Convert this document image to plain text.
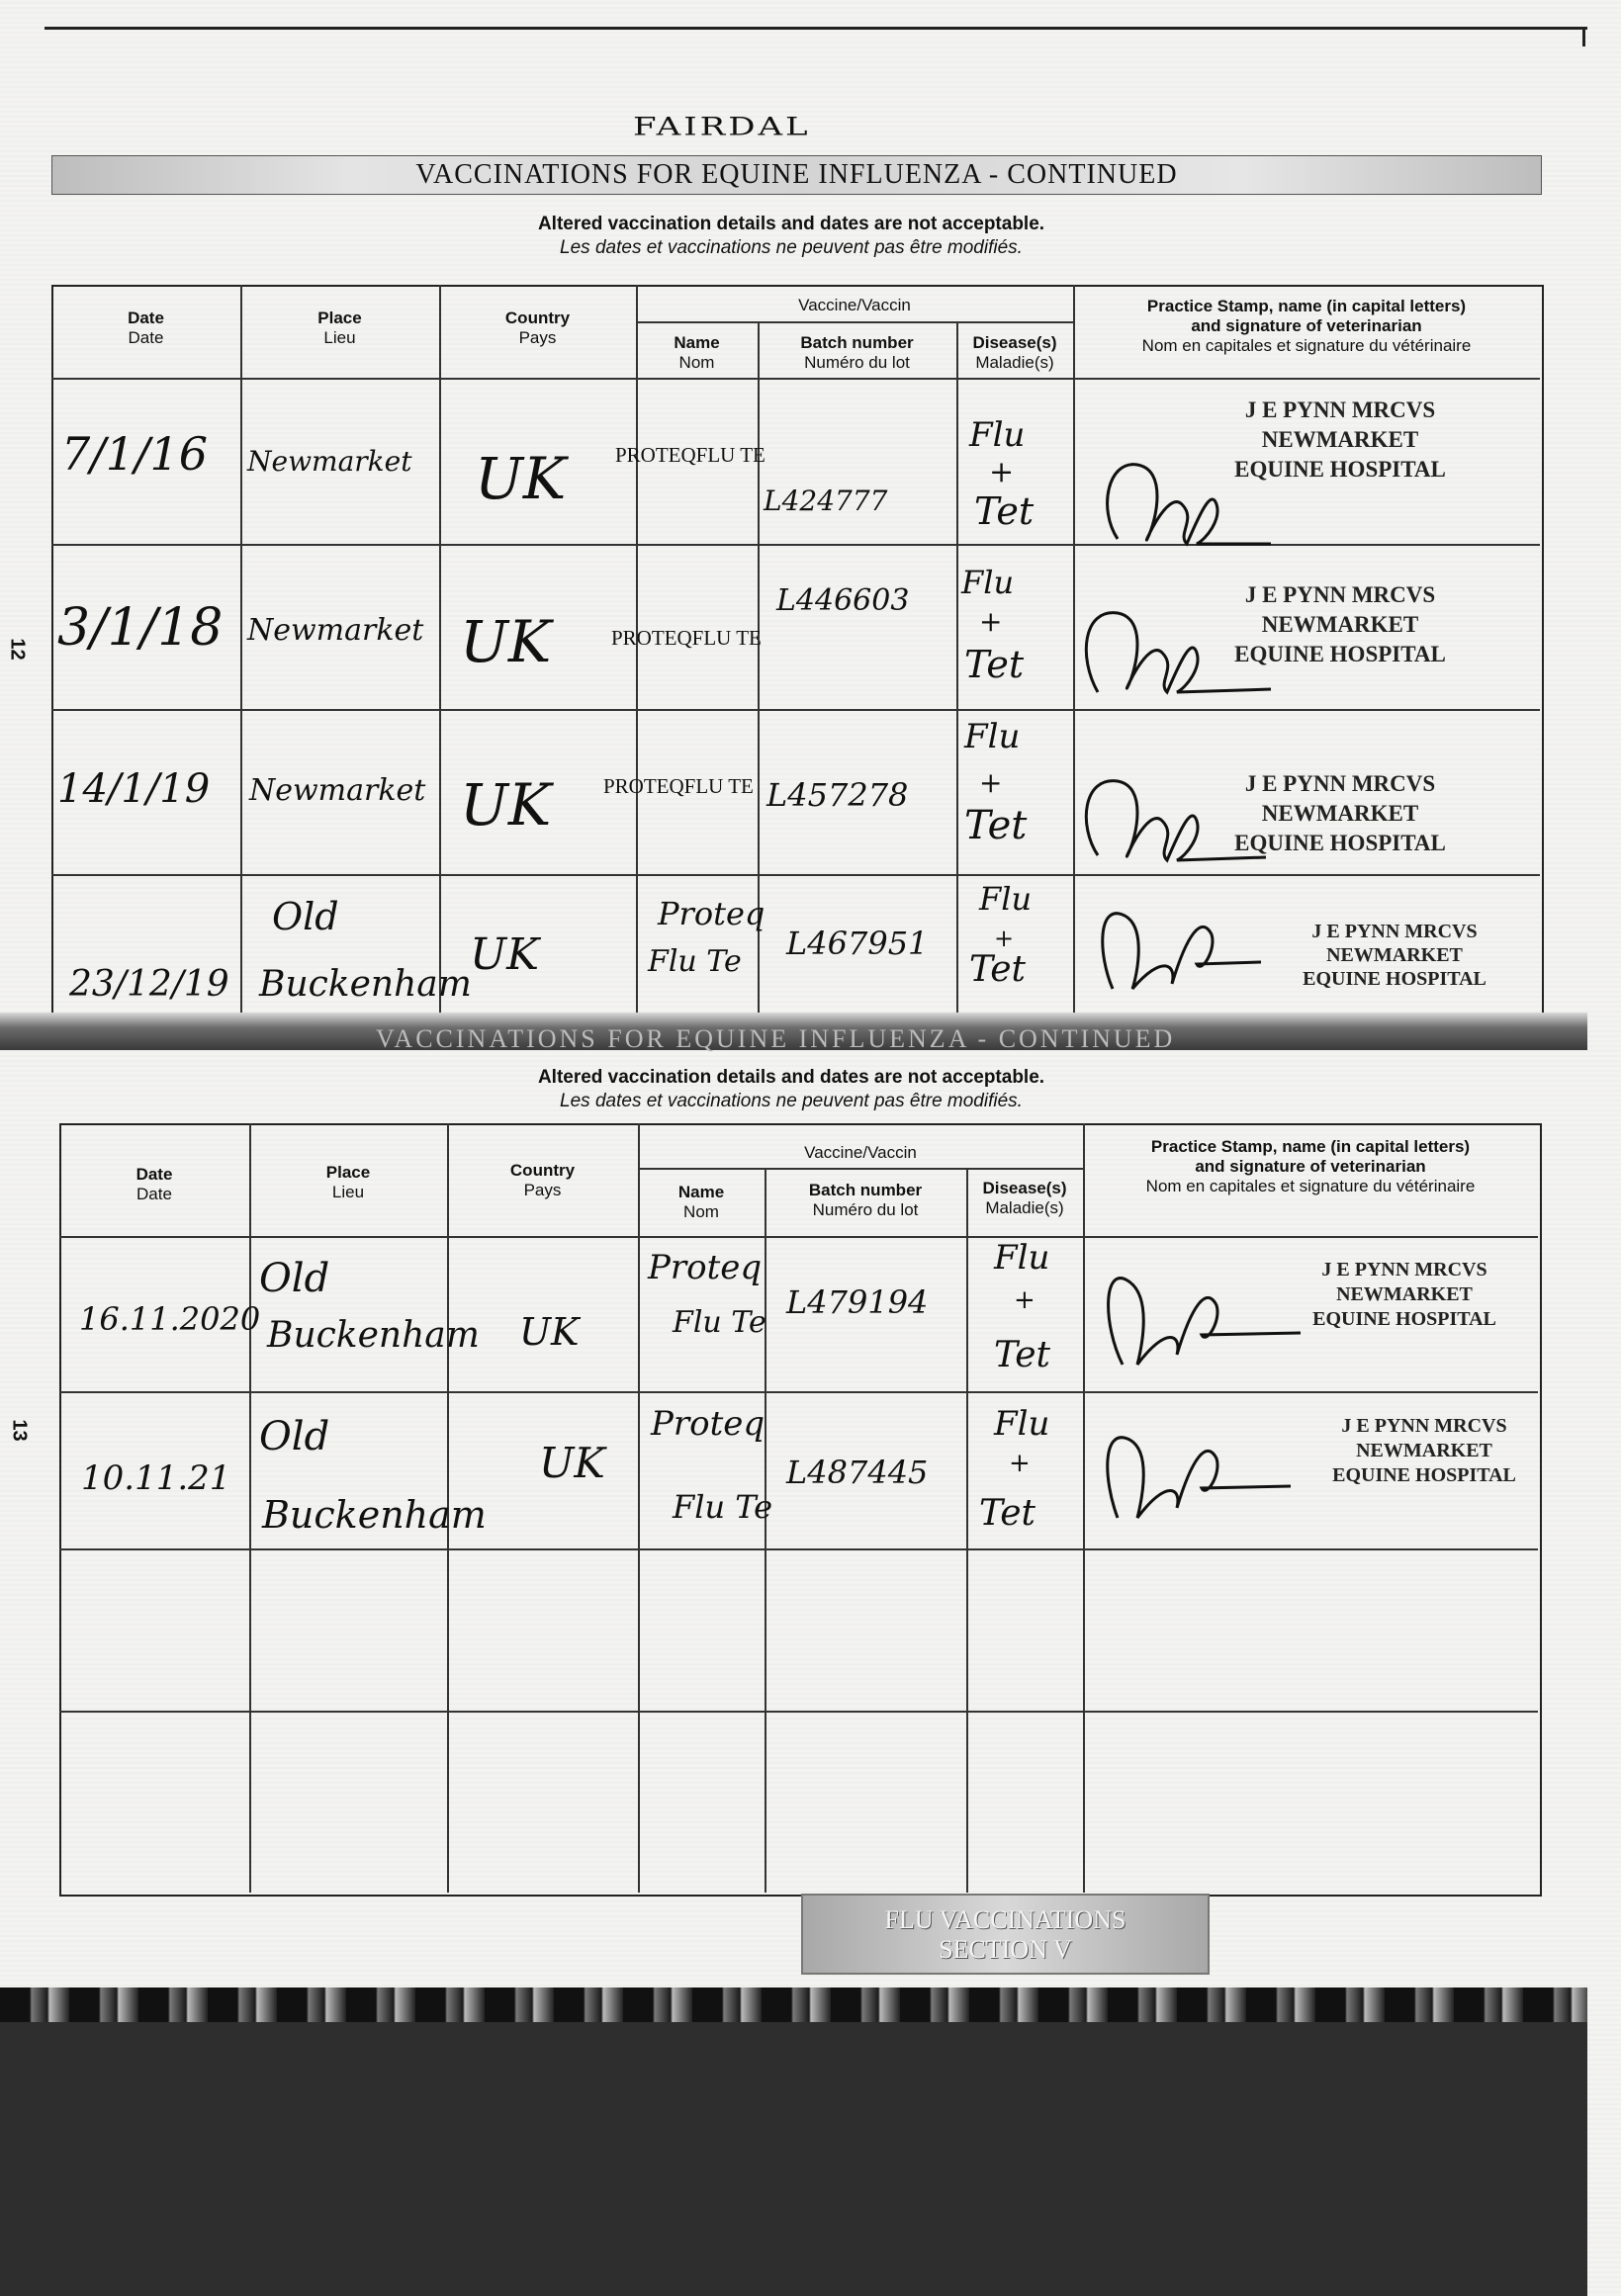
FAIRDAL
VACCINATIONS FOR EQUINE INFLUENZA - CONTINUED
Altered vaccination details and dates are not acceptable.
Les dates et vaccinations ne peuvent pas être modifiés.
12
Date
Date
Place
Lieu
Country
Pays
Vaccine/Vaccin
Name
Nom
Batch number
Numéro du lot
Disease(s)
Maladie(s)
Practice Stamp, name (in capital letters)
and signature of veterinarian
Nom en capitales et signature du vétérinaire
7/1/16 Newmarket UK PROTEQFLU TE
L424777
Flu
+
Tet
J E PYNN MRCVS
NEWMARKET
EQUINE HOSPITAL
3/1/18 Newmarket UK	PROTEQFLU TE
L446603 Flu
+
Tet
J E PYNN MRCVS
NEWMARKET
EQUINE HOSPITAL
14/1/19 Newmarket UK	PROTEQFLU TE L457278
Flu
+
Tet
J E PYNN MRCVS
NEWMARKET
EQUINE HOSPITAL
23/12/19
Old
Buckenham
UK
Proteq
Flu Te L467951
Flu
+
Tet
J E PYNN MRCVS
NEWMARKET
EQUINE HOSPITAL
VACCINATIONS FOR EQUINE INFLUENZA - CONTINUED
Altered vaccination details and dates are not acceptable.
Les dates et vaccinations ne peuvent pas être modifiés.
13
Date
Date
Place
Lieu
Country
Pays
Vaccine/Vaccin
Name
Nom
Batch number
Numéro du lot
Disease(s)
Maladie(s)
Practice Stamp, name (in capital letters)
and signature of veterinarian
Nom en capitales et signature du vétérinaire
16.11.2020
Old
Buckenham UK
Proteq
Flu Te
L479194
Flu
+
Tet
J E PYNN MRCVS
NEWMARKET
EQUINE HOSPITAL
10.11.21
Old
Buckenham
UK
Proteq
Flu Te
L487445
Flu
+
Tet
J E PYNN MRCVS
NEWMARKET
EQUINE HOSPITAL
FLU VACCINATIONS
SECTION V
